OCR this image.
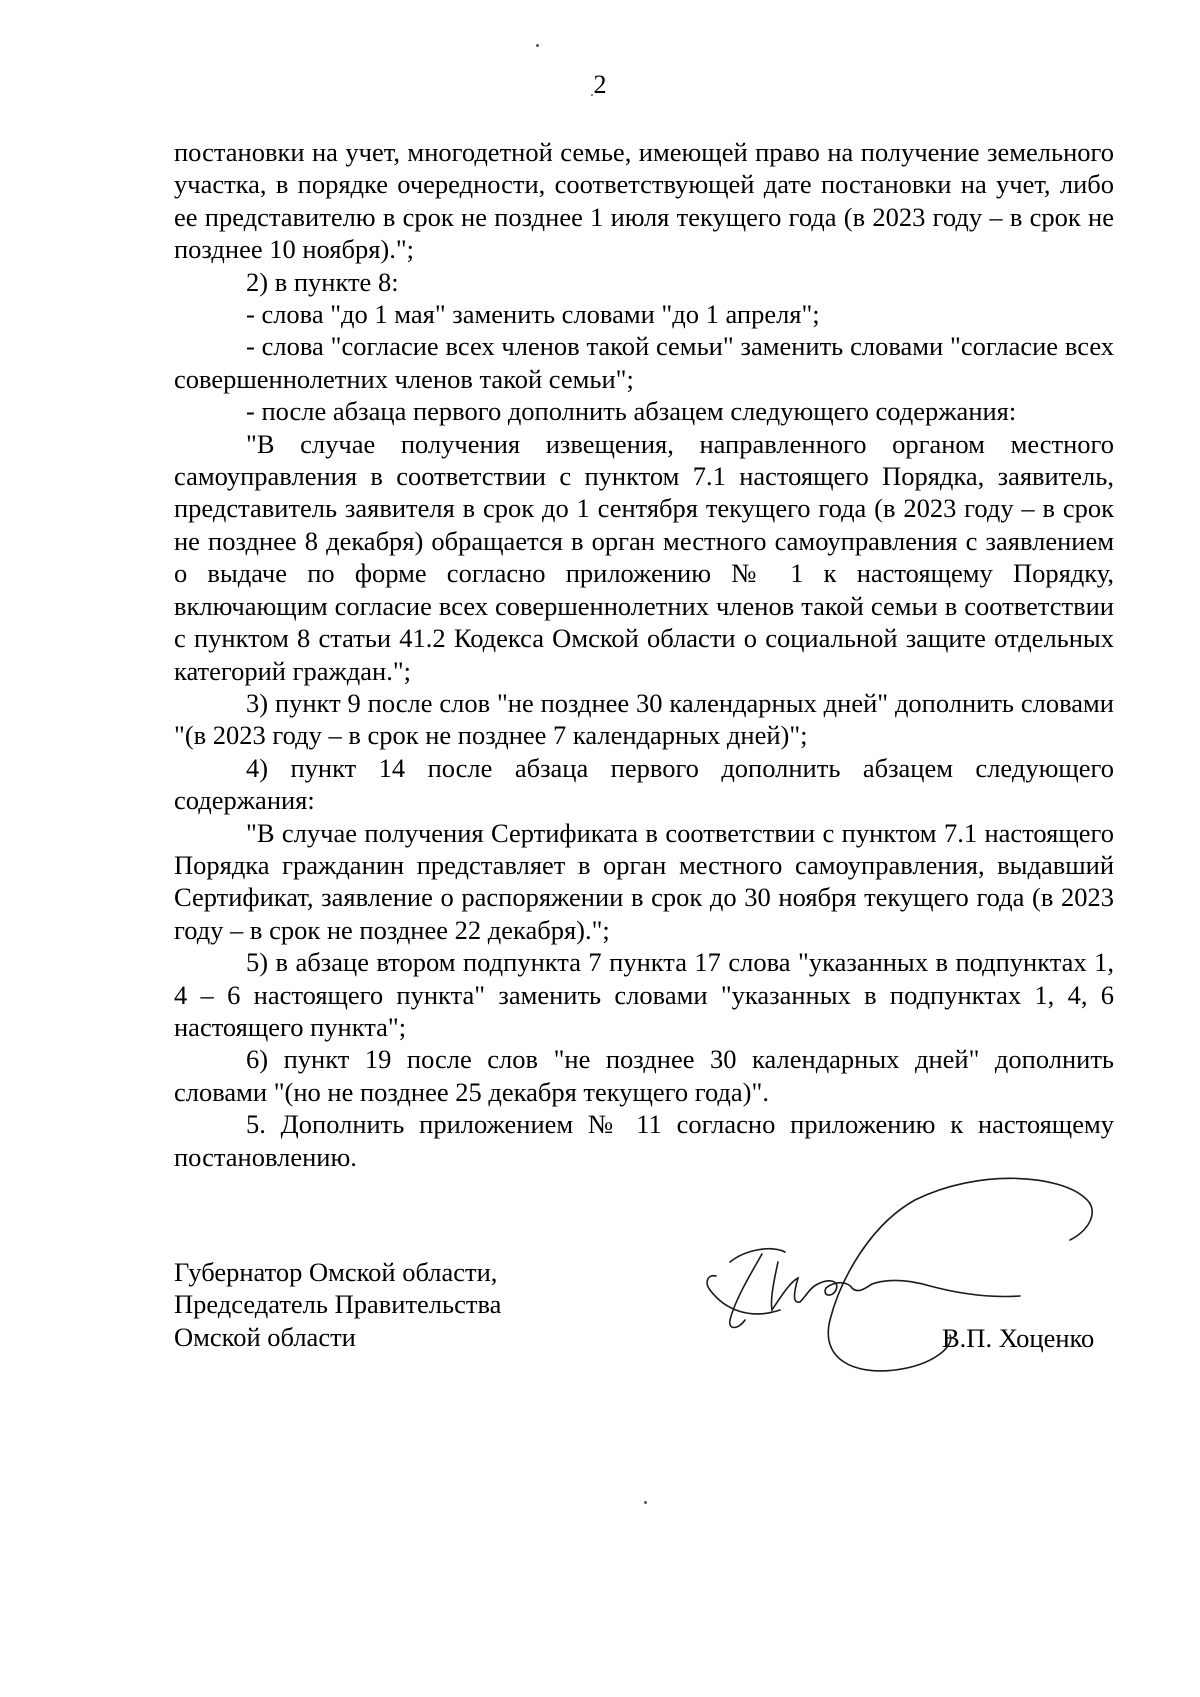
2

постановки на учет, многодетной семье, имеющей право на получение земельного участка, в порядке очередности, соответствующей дате постановки на учет, либо ее представителю в срок не позднее 1 июля текущего года (в 2023 году – в срок не позднее 10 ноября).";

2) в пункте 8:

- слова "до 1 мая" заменить словами "до 1 апреля";

- слова "согласие всех членов такой семьи" заменить словами "согласие всех совершеннолетних членов такой семьи";

- после абзаца первого дополнить абзацем следующего содержания:

"В случае получения извещения, направленного органом местного самоуправления в соответствии с пунктом 7.1 настоящего Порядка, заявитель, представитель заявителя в срок до 1 сентября текущего года (в 2023 году – в срок не позднее 8 декабря) обращается в орган местного самоуправления с заявлением о выдаче по форме согласно приложению № 1 к настоящему Порядку, включающим согласие всех совершеннолетних членов такой семьи в соответствии с пунктом 8 статьи 41.2 Кодекса Омской области о социальной защите отдельных категорий граждан.";

3) пункт 9 после слов "не позднее 30 календарных дней" дополнить словами "(в 2023 году – в срок не позднее 7 календарных дней)";

4) пункт 14 после абзаца первого дополнить абзацем следующего содержания:

"В случае получения Сертификата в соответствии с пунктом 7.1 настоящего Порядка гражданин представляет в орган местного самоуправления, выдавший Сертификат, заявление о распоряжении в срок до 30 ноября текущего года (в 2023 году – в срок не позднее 22 декабря).";

5) в абзаце втором подпункта 7 пункта 17 слова "указанных в подпунктах 1, 4 – 6 настоящего пункта" заменить словами "указанных в подпунктах 1, 4, 6 настоящего пункта";

6) пункт 19 после слов "не позднее 30 календарных дней" дополнить словами "(но не позднее 25 декабря текущего года)".

5. Дополнить приложением № 11 согласно приложению к настоящему постановлению.

Губернатор Омской области,
Председатель Правительства
Омской области	В.П. Хоценко
